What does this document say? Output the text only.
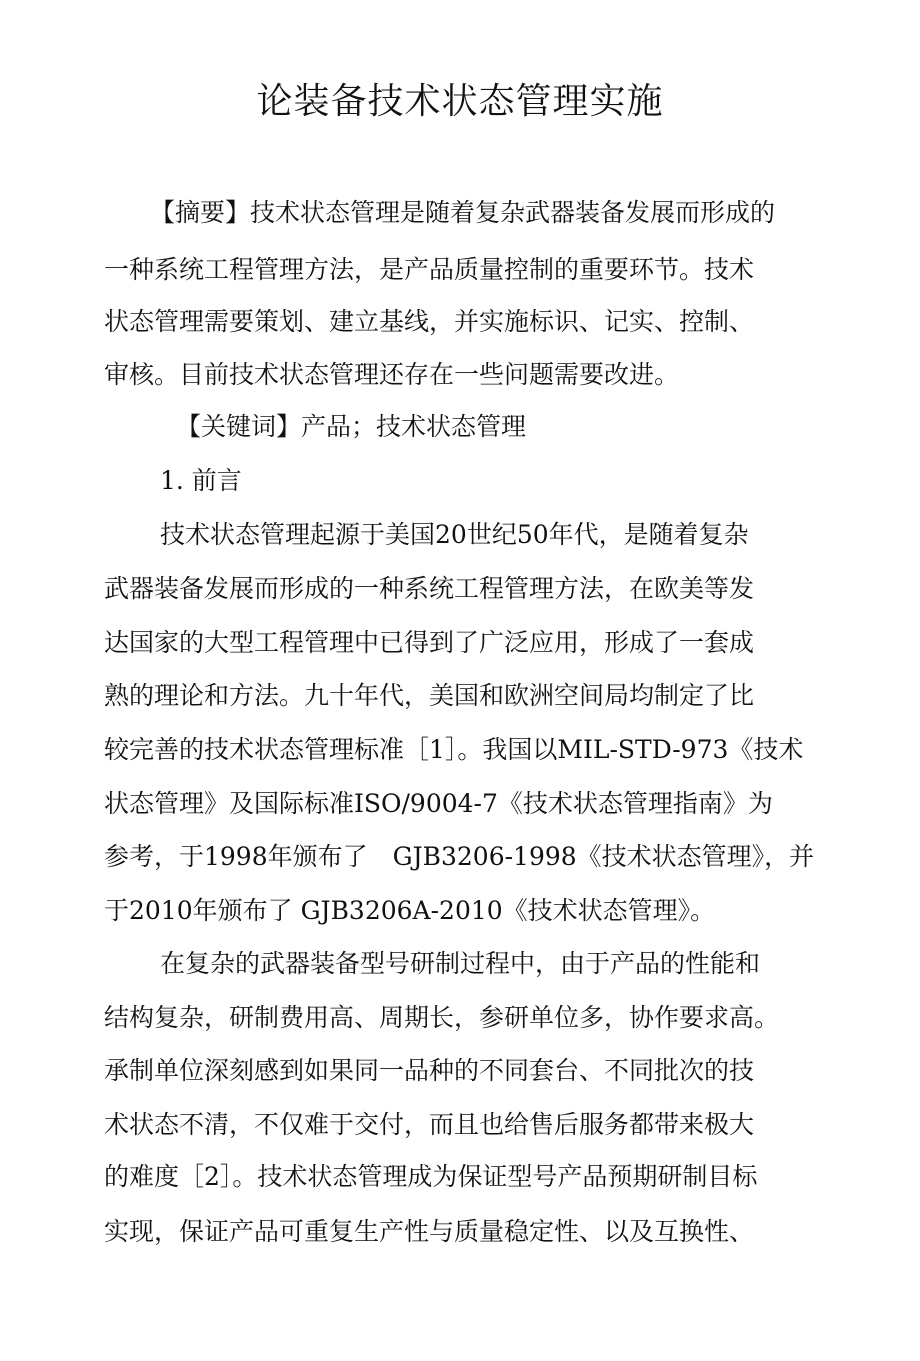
论装备技术状态管理实施
【摘要】技术状态管理是随着复杂武器装备发展而形成的
一种系统工程管理方法，是产品质量控制的重要环节。技术
状态管理需要策划、建立基线，并实施标识、记实、控制、
审核。目前技术状态管理还存在一些问题需要改进。
【关键词】产品；技术状态管理
1. 前言
技术状态管理起源于美国20世纪50年代，是随着复杂
武器装备发展而形成的一种系统工程管理方法，在欧美等发
达国家的大型工程管理中已得到了广泛应用，形成了一套成
熟的理论和方法。九十年代，美国和欧洲空间局均制定了比
较完善的技术状态管理标准［1］。我国以MIL-STD-973《技术
状态管理》及国际标准ISO/9004-7《技术状态管理指南》为
参考，于1998年颁布了　GJB3206-1998《技术状态管理》，并
于2010年颁布了 GJB3206A-2010《技术状态管理》。
在复杂的武器装备型号研制过程中，由于产品的性能和
结构复杂，研制费用高、周期长，参研单位多，协作要求高。
承制单位深刻感到如果同一品种的不同套台、不同批次的技
术状态不清，不仅难于交付，而且也给售后服务都带来极大
的难度［2］。技术状态管理成为保证型号产品预期研制目标
实现，保证产品可重复生产性与质量稳定性、以及互换性、
